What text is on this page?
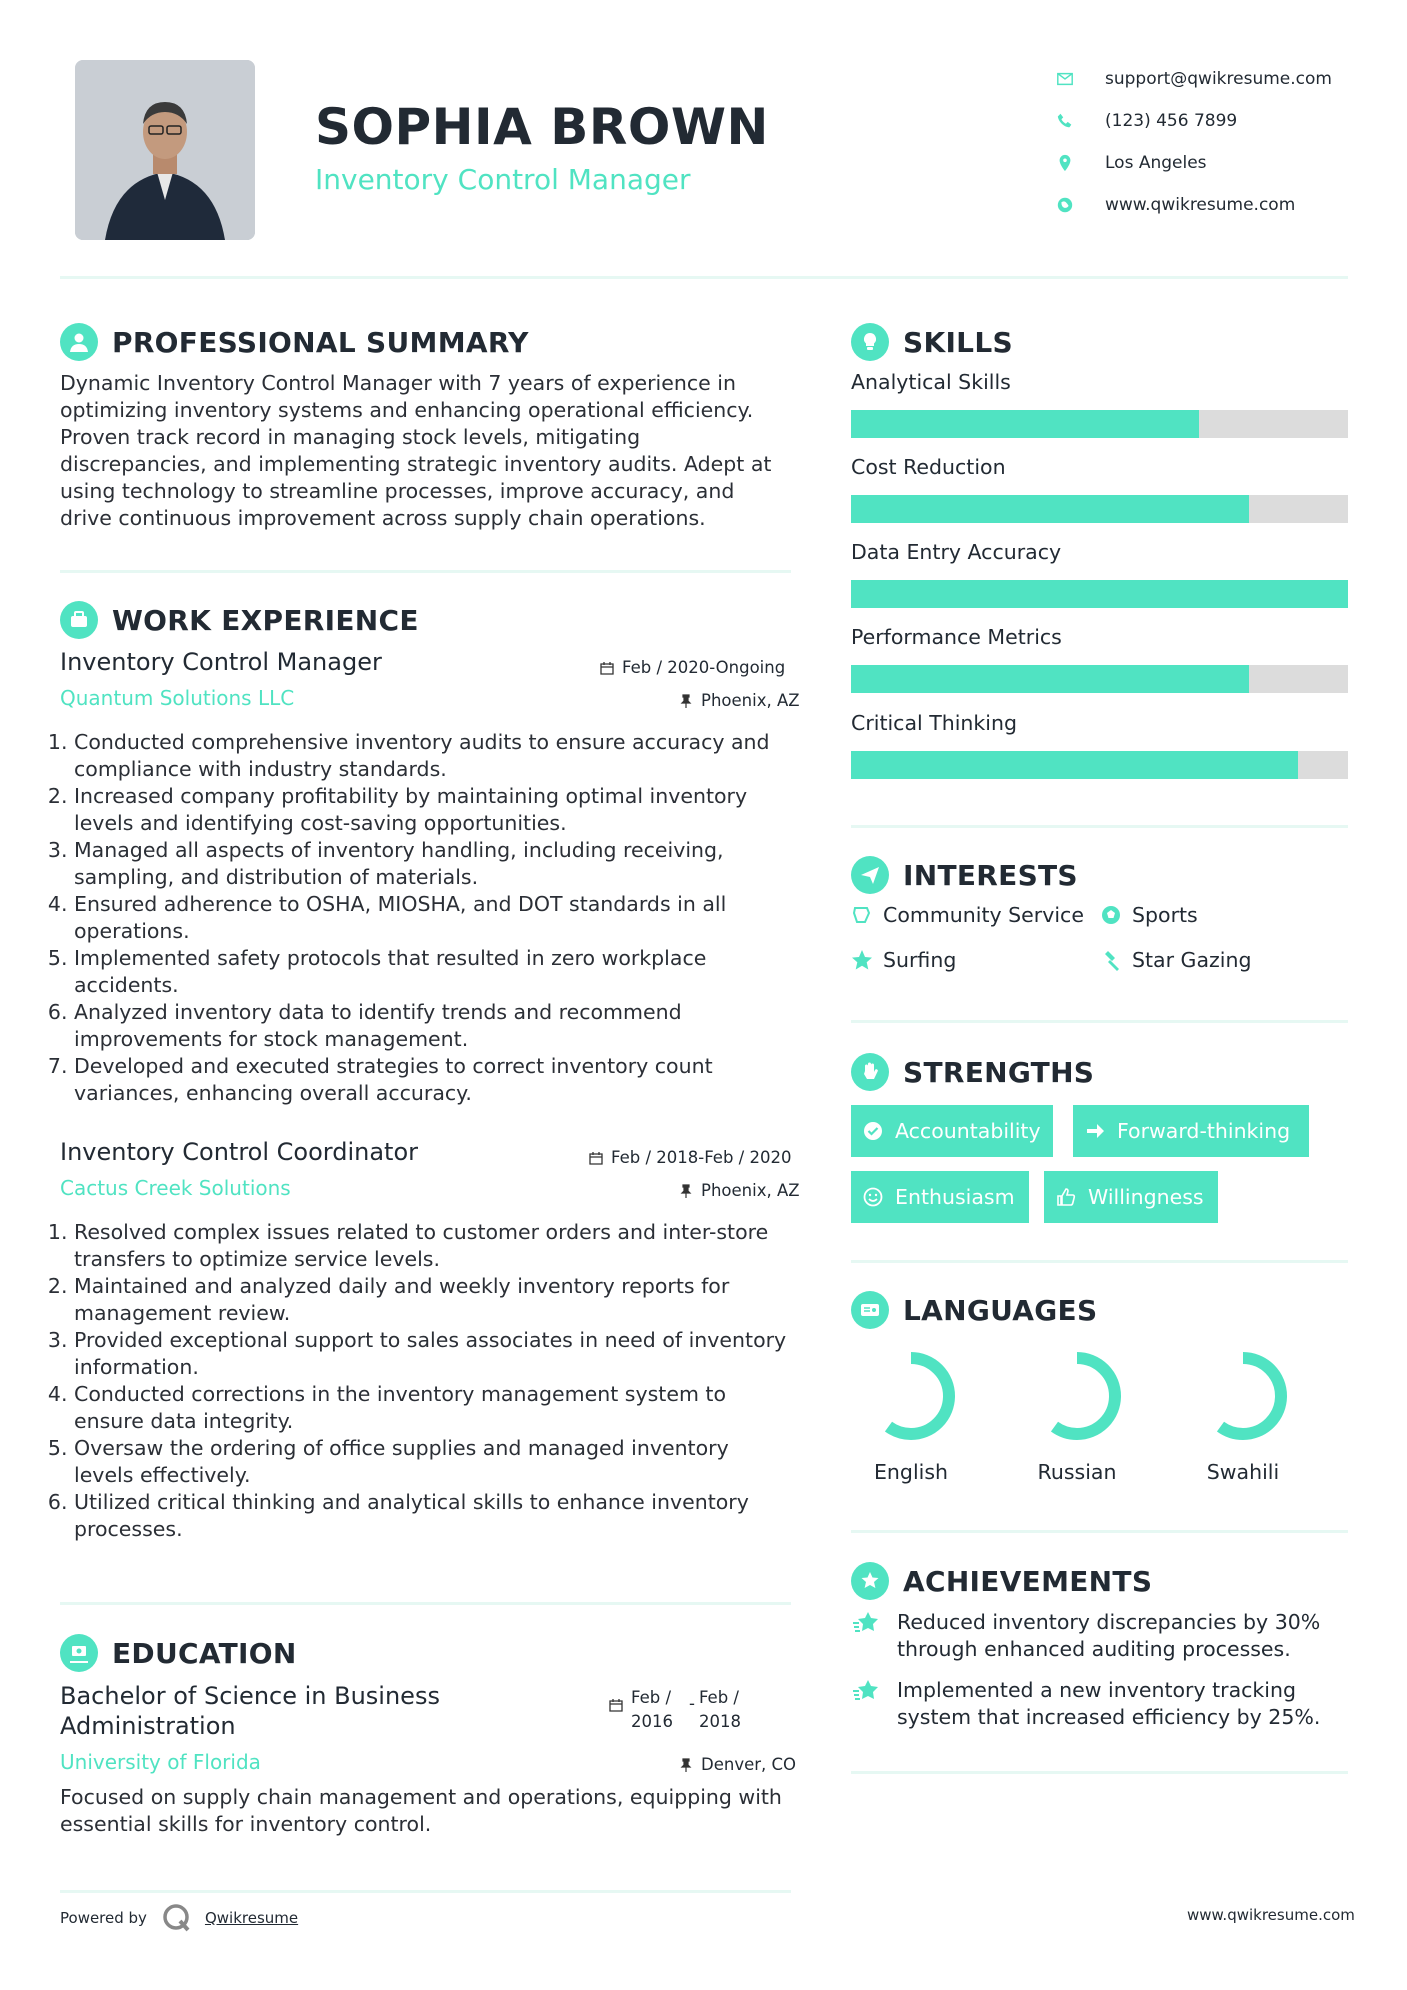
SOPHIA BROWN
Inventory Control Manager
support@qwikresume.com
(123) 456 7899
Los Angeles
www.qwikresume.com
PROFESSIONAL SUMMARY
Dynamic Inventory Control Manager with 7 years of experience in optimizing inventory systems and enhancing operational efficiency. Proven track record in managing stock levels, mitigating discrepancies, and implementing strategic inventory audits. Adept at using technology to streamline processes, improve accuracy, and drive continuous improvement across supply chain operations.
WORK EXPERIENCE
Inventory Control Manager	Feb / 2020-Ongoing
Quantum Solutions LLC	Phoenix, AZ
1. Conducted comprehensive inventory audits to ensure accuracy and compliance with industry standards.
2. Increased company profitability by maintaining optimal inventory levels and identifying cost-saving opportunities.
3. Managed all aspects of inventory handling, including receiving, sampling, and distribution of materials.
4. Ensured adherence to OSHA, MIOSHA, and DOT standards in all operations.
5. Implemented safety protocols that resulted in zero workplace accidents.
6. Analyzed inventory data to identify trends and recommend improvements for stock management.
7. Developed and executed strategies to correct inventory count variances, enhancing overall accuracy.
Inventory Control Coordinator	Feb / 2018-Feb / 2020
Cactus Creek Solutions	Phoenix, AZ
1. Resolved complex issues related to customer orders and inter-store transfers to optimize service levels.
2. Maintained and analyzed daily and weekly inventory reports for management review.
3. Provided exceptional support to sales associates in need of inventory information.
4. Conducted corrections in the inventory management system to ensure data integrity.
5. Oversaw the ordering of office supplies and managed inventory levels effectively.
6. Utilized critical thinking and analytical skills to enhance inventory processes.
EDUCATION
Bachelor of Science in Business Administration
Feb / 2016
- Feb / 2018
University of Florida	Denver, CO
Focused on supply chain management and operations, equipping with essential skills for inventory control.
SKILLS
Analytical Skills
Cost Reduction
Data Entry Accuracy
Performance Metrics
Critical Thinking
INTERESTS
Community Service Sports
Surfing	Star Gazing
STRENGTHS
Accountability	Forward-thinking
Enthusiasm	Willingness
LANGUAGES
English	Russian	Swahili
ACHIEVEMENTS
Reduced inventory discrepancies by 30% through enhanced auditing processes.
Implemented a new inventory tracking system that increased efficiency by 25%.
Powered by	Qwikresume	www.qwikresume.com
